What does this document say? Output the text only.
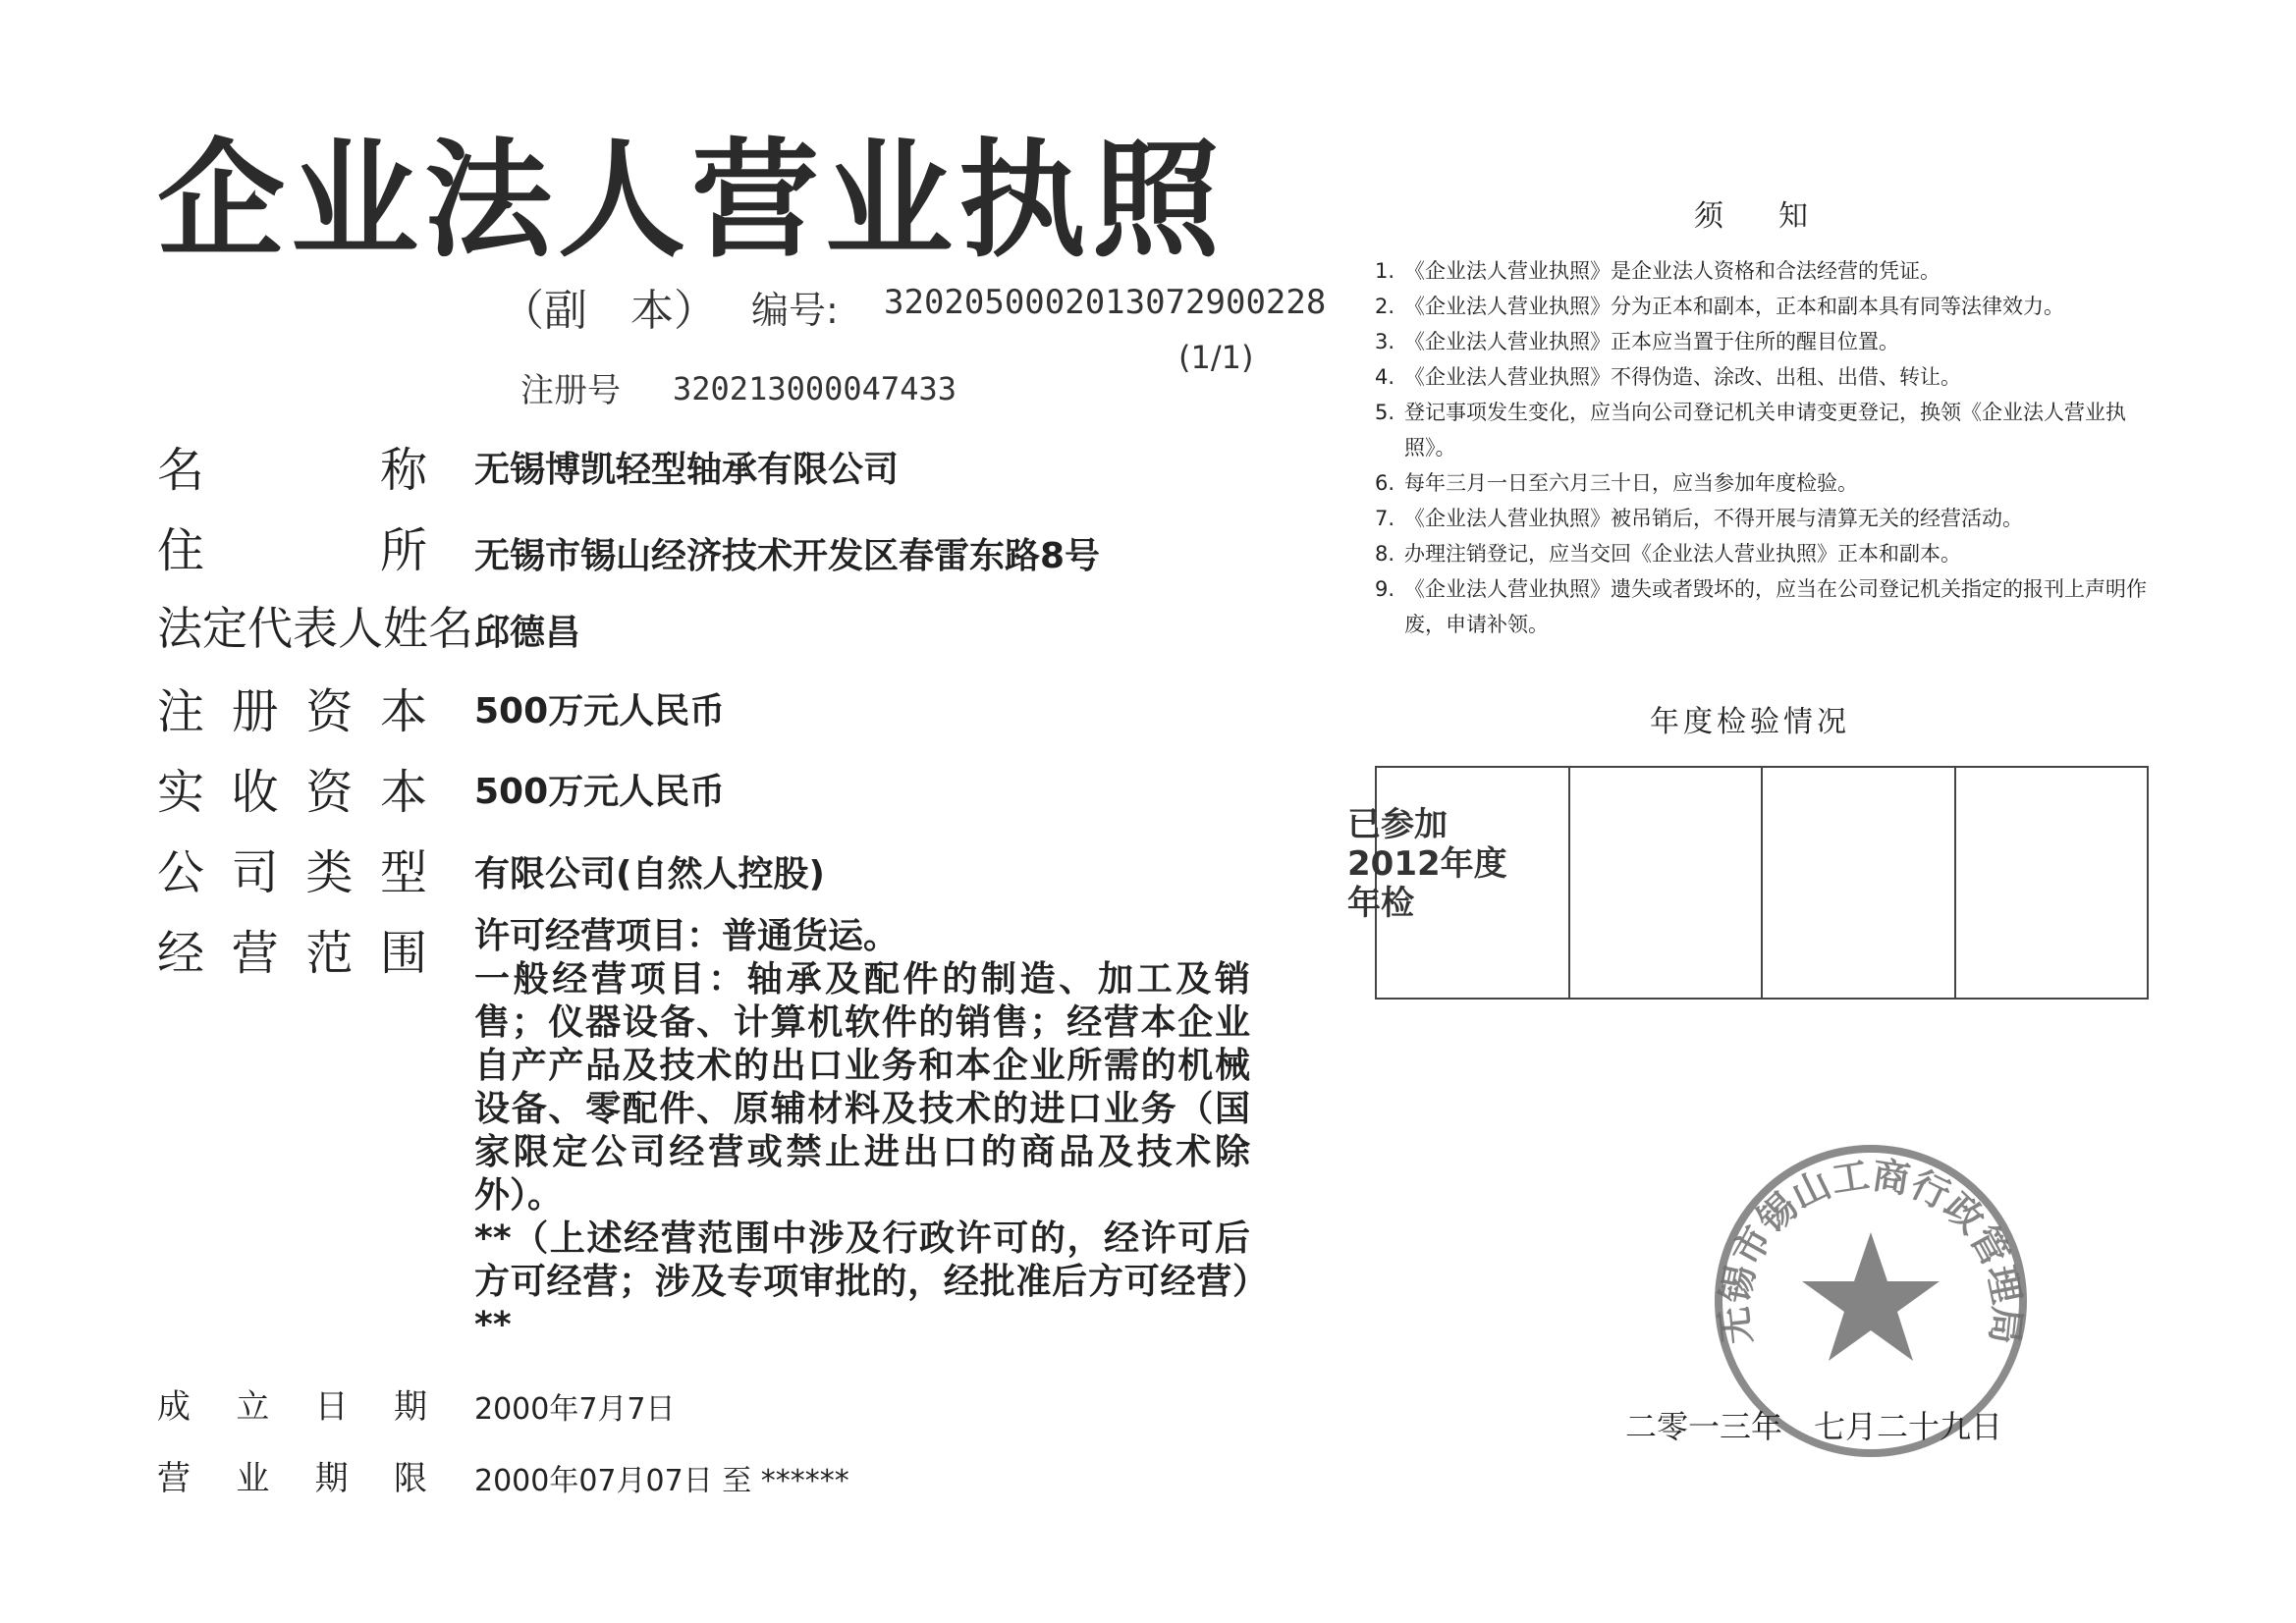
企业法人营业执照
（副　本） 编号: 3202050002013072900228
(1/1)
注册号 320213000047433
名　　称 无锡博凯轻型轴承有限公司
住　　所 无锡市锡山经济技术开发区春雷东路8号
法定代表人姓名 邱德昌
注册资本 500万元人民币
实收资本 500万元人民币
公司类型 有限公司(自然人控股)
经营范围 许可经营项目：普通货运。

一般经营项目：轴承及配件的制造、加工及销售；仪器设备、计算机软件的销售；经营本企业自产产品及技术的出口业务和本企业所需的机械设备、零配件、原辅材料及技术的进口业务（国家限定公司经营或禁止进出口的商品及技术除外）。

**（上述经营范围中涉及行政许可的，经许可后方可经营；涉及专项审批的，经批准后方可经营）**

成立日期 2000年7月7日
营业期限 2000年07月07日 至 ******
须知
1. 《企业法人营业执照》是企业法人资格和合法经营的凭证。
2. 《企业法人营业执照》分为正本和副本，正本和副本具有同等法律效力。
3. 《企业法人营业执照》正本应当置于住所的醒目位置。
4. 《企业法人营业执照》不得伪造、涂改、出租、出借、转让。
5. 登记事项发生变化，应当向公司登记机关申请变更登记，换领《企业法人营业执照》。
6. 每年三月一日至六月三十日，应当参加年度检验。
7. 《企业法人营业执照》被吊销后，不得开展与清算无关的经营活动。
8. 办理注销登记，应当交回《企业法人营业执照》正本和副本。
9. 《企业法人营业执照》遗失或者毁坏的，应当在公司登记机关指定的报刊上声明作废，申请补领。
年度检验情况
已参加
2012年度
年检
无锡市锡山工商行政管理局
二零一三年　七月二十九日
